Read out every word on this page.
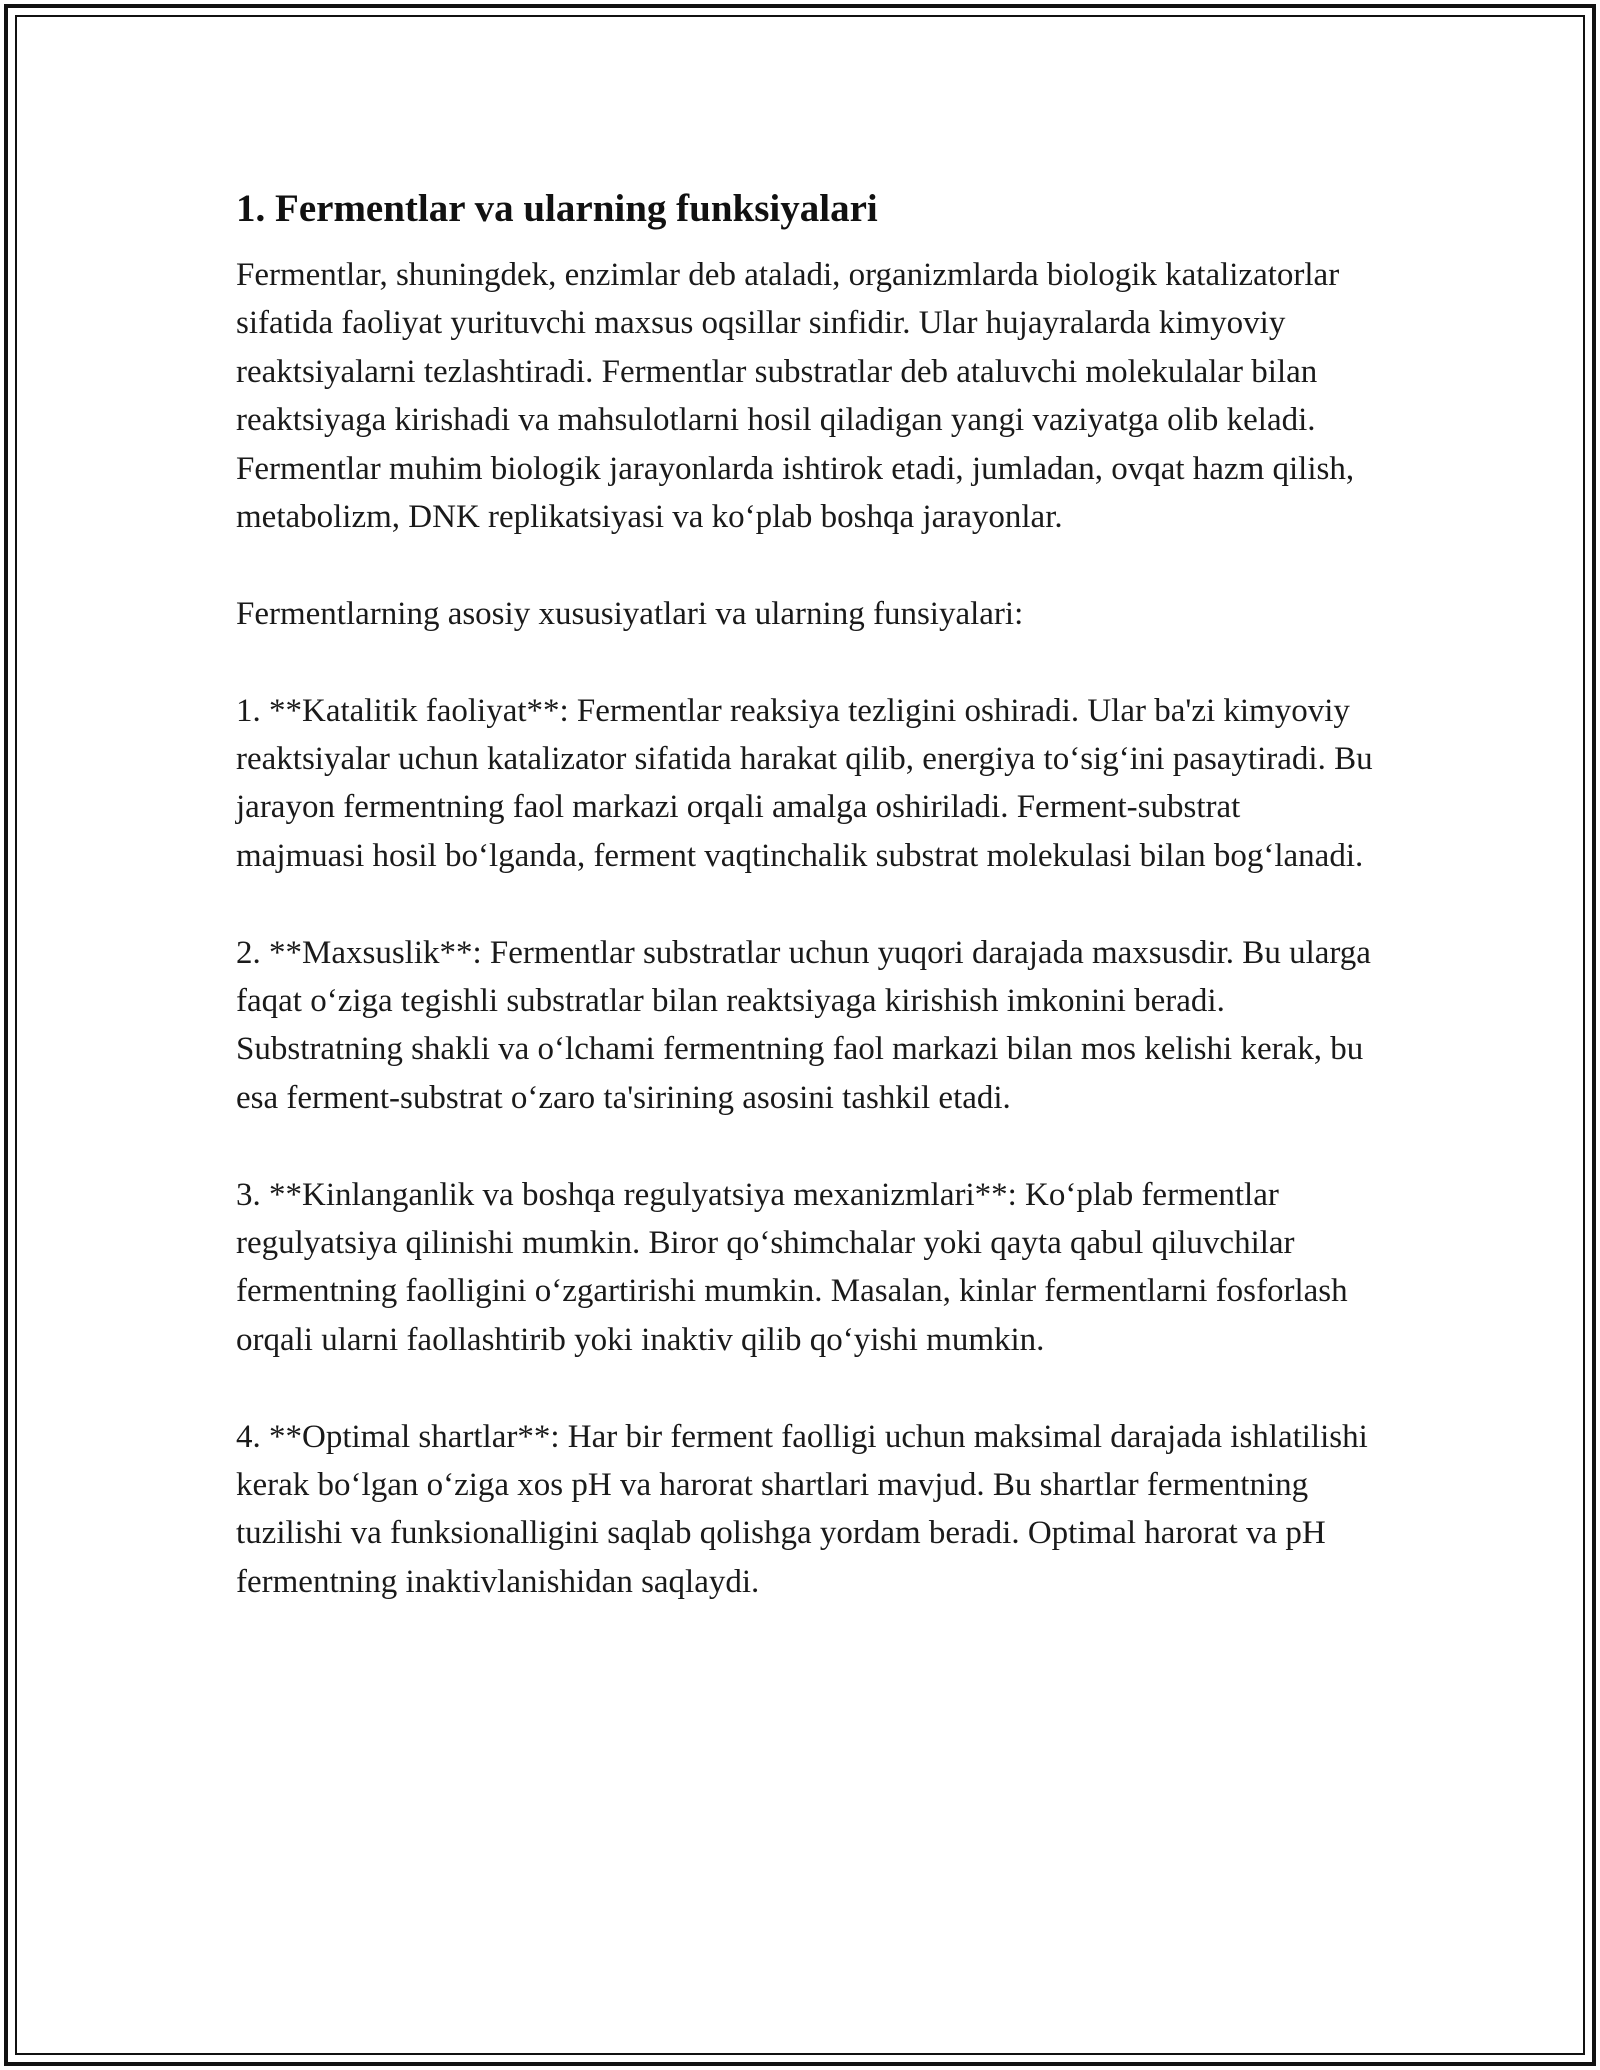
1. Fermentlar va ularning funksiyalari

Fermentlar, shuningdek, enzimlar deb ataladi, organizmlarda biologik katalizatorlar sifatida faoliyat yurituvchi maxsus oqsillar sinfidir. Ular hujayralarda kimyoviy reaktsiyalarni tezlashtiradi. Fermentlar substratlar deb ataluvchi molekulalar bilan reaktsiyaga kirishadi va mahsulotlarni hosil qiladigan yangi vaziyatga olib keladi. Fermentlar muhim biologik jarayonlarda ishtirok etadi, jumladan, ovqat hazm qilish, metabolizm, DNK replikatsiyasi va ko‘plab boshqa jarayonlar.

Fermentlarning asosiy xususiyatlari va ularning funsiyalari:

1. **Katalitik faoliyat**: Fermentlar reaksiya tezligini oshiradi. Ular ba'zi kimyoviy reaktsiyalar uchun katalizator sifatida harakat qilib, energiya to‘sig‘ini pasaytiradi. Bu jarayon fermentning faol markazi orqali amalga oshiriladi. Ferment-substrat majmuasi hosil bo‘lganda, ferment vaqtinchalik substrat molekulasi bilan bog‘lanadi.

2. **Maxsuslik**: Fermentlar substratlar uchun yuqori darajada maxsusdir. Bu ularga faqat o‘ziga tegishli substratlar bilan reaktsiyaga kirishish imkonini beradi. Substratning shakli va o‘lchami fermentning faol markazi bilan mos kelishi kerak, bu esa ferment-substrat o‘zaro ta'sirining asosini tashkil etadi.

3. **Kinlanganlik va boshqa regulyatsiya mexanizmlari**: Ko‘plab fermentlar regulyatsiya qilinishi mumkin. Biror qo‘shimchalar yoki qayta qabul qiluvchilar fermentning faolligini o‘zgartirishi mumkin. Masalan, kinlar fermentlarni fosforlash orqali ularni faollashtirib yoki inaktiv qilib qo‘yishi mumkin.

4. **Optimal shartlar**: Har bir ferment faolligi uchun maksimal darajada ishlatilishi kerak bo‘lgan o‘ziga xos pH va harorat shartlari mavjud. Bu shartlar fermentning tuzilishi va funksionalligini saqlab qolishga yordam beradi. Optimal harorat va pH fermentning inaktivlanishidan saqlaydi.
